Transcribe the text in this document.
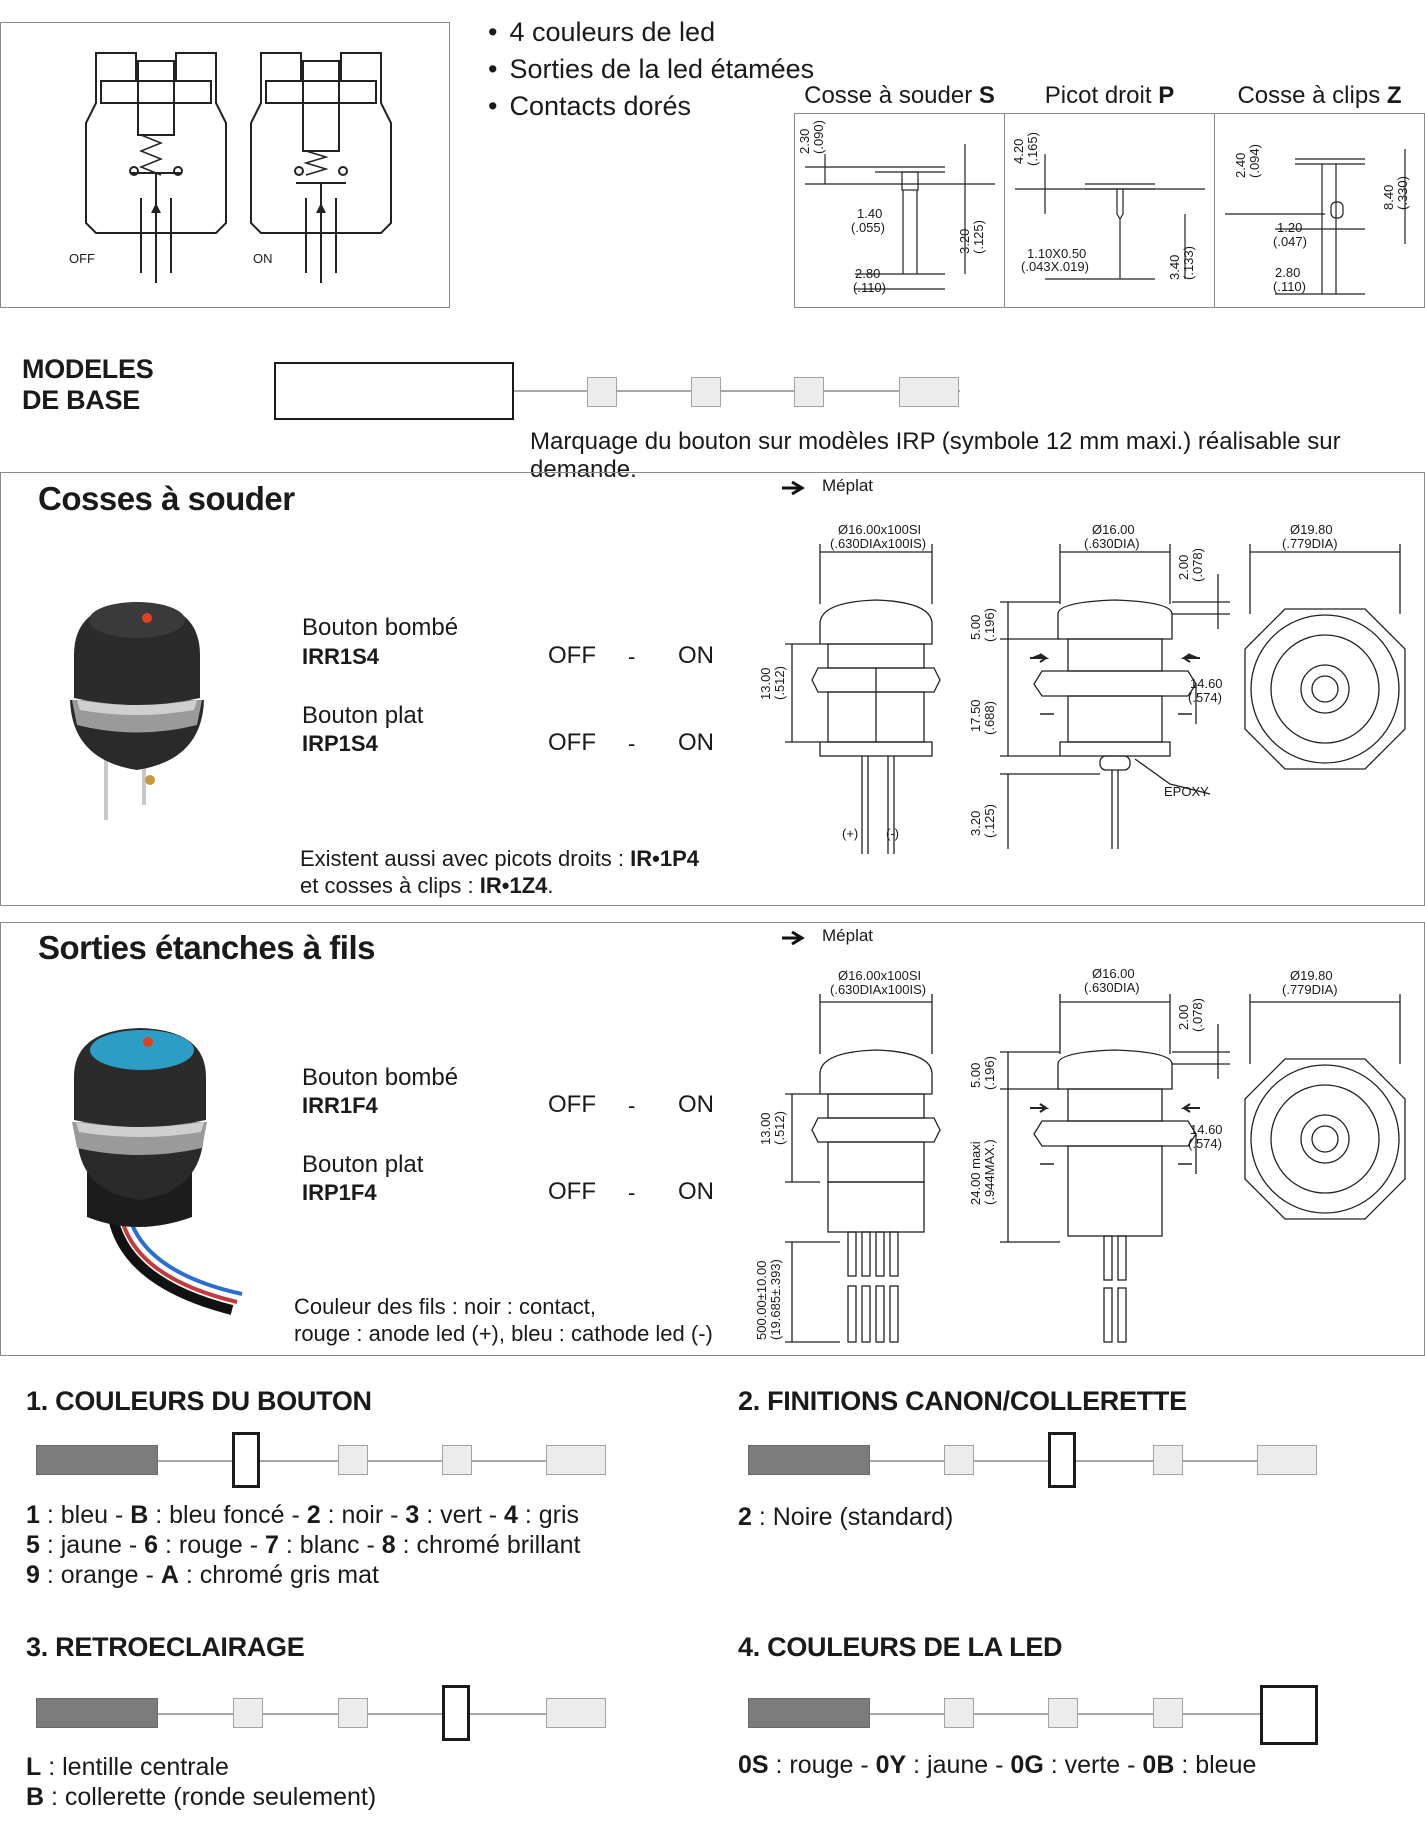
OFF	ON
• 4 couleurs de led
• Sorties de la led étamées
• Contacts dorés
2.30 (.090)
1.40
(.055)
3.20 (.125)
2.80
(.110)
4.20 (.165)
1.10X0.50
(.043X.019)	3.40 (.133)
2.40 (.094)
1.20
(.047)
8.40 (.330)
2.80
(.110)
Cosse à souder S	Picot droit P	Cosse à clips Z
MODELES
DE BASE
Marquage du bouton sur modèles IRP (symbole 12 mm maxi.) réalisable sur demande.
Cosses à souder
Bouton bombé
IRR1S4	OFF - ON
Bouton plat
IRP1S4	OFF - ON
Existent aussi avec picots droits : IR•1P4
et cosses à clips : IR•1Z4.
Méplat
Ø16.00x100SI
(.630DIAx100IS)
Ø16.00
(.630DIA)
Ø19.80
(.779DIA)
2.00 (.078)
5.00 (.196)
13.00 (.512)
17.50 (.688)
14.60
(.574)
3.20 (.125)
EPOXY
(+) (-)
Sorties étanches à fils
Bouton bombé
IRR1F4	OFF - ON
Bouton plat
IRP1F4	OFF - ON
Couleur des fils : noir : contact,
rouge : anode led (+), bleu : cathode led (-)
Méplat
Ø16.00x100SI
(.630DIAx100IS)
Ø16.00
(.630DIA)
Ø19.80
(.779DIA)
2.00 (.078)
5.00 (.196)
13.00 (.512)
24.00 maxi (.944MAX.)
14.60
(.574)
500.00±10.00 (19.685±.393)
1. COULEURS DU BOUTON
1 : bleu - B : bleu foncé - 2 : noir - 3 : vert - 4 : gris
5 : jaune - 6 : rouge - 7 : blanc - 8 : chromé brillant
9 : orange - A : chromé gris mat
2. FINITIONS CANON/COLLERETTE
2 : Noire (standard)
3. RETROECLAIRAGE
L : lentille centrale
B : collerette (ronde seulement)
4. COULEURS DE LA LED
0S : rouge - 0Y : jaune - 0G : verte - 0B : bleue
